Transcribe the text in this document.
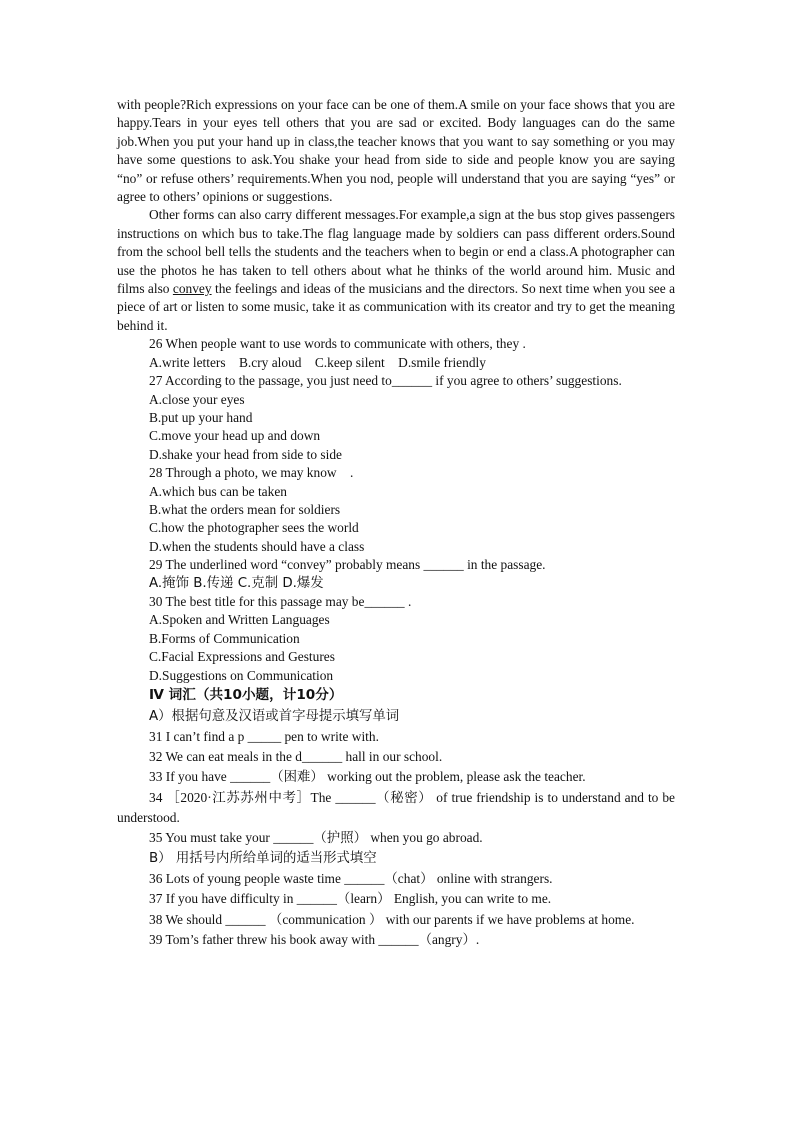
with people?Rich expressions on your face can be one of them.A smile on your face shows that you are happy.Tears in your eyes tell others that you are sad or excited. Body languages can do the same job.When you put your hand up in class,the teacher knows that you want to say something or you may have some questions to ask.You shake your head from side to side and people know you are saying “no” or refuse others’ requirements.When you nod, people will understand that you are saying “yes” or agree to others’ opinions or suggestions.

Other forms can also carry different messages.For example,a sign at the bus stop gives passengers instructions on which bus to take.The flag language made by soldiers can pass different orders.Sound from the school bell tells the students and the teachers when to begin or end a class.A photographer can use the photos he has taken to tell others about what he thinks of the world around him. Music and films also convey the feelings and ideas of the musicians and the directors. So next time when you see a piece of art or listen to some music, take it as communication with its creator and try to get the meaning behind it.

26 When people want to use words to communicate with others, they .

A.write letters    B.cry aloud    C.keep silent    D.smile friendly

27 According to the passage, you just need to______ if you agree to others’ suggestions.

A.close your eyes

B.put up your hand

C.move your head up and down

D.shake your head from side to side

28 Through a photo, we may know    .

A.which bus can be taken

B.what the orders mean for soldiers

C.how the photographer sees the world

D.when the students should have a class

29 The underlined word “convey” probably means ______ in the passage.

A.掩饰 B.传递 C.克制 D.爆发

30 The best title for this passage may be______ .

A.Spoken and Written Languages

B.Forms of Communication

C.Facial Expressions and Gestures

D.Suggestions on Communication

Ⅳ 词汇（共10小题，计10分）

A）根据句意及汉语或首字母提示填写单词

31 I can’t find a p _____ pen to write with.

32 We can eat meals in the d______ hall in our school.

33 If you have ______（困难） working out the problem, please ask the teacher.

34 ［2020·江苏苏州中考］The ______（秘密） of true friendship is to understand and to be understood.

35 You must take your ______（护照） when you go abroad.

B） 用括号内所给单词的适当形式填空

36 Lots of young people waste time ______（chat） online with strangers.

37 If you have difficulty in ______（learn） English, you can write to me.

38 We should ______ （communication ） with our parents if we have problems at home.

39 Tom’s father threw his book away with ______（angry）.
